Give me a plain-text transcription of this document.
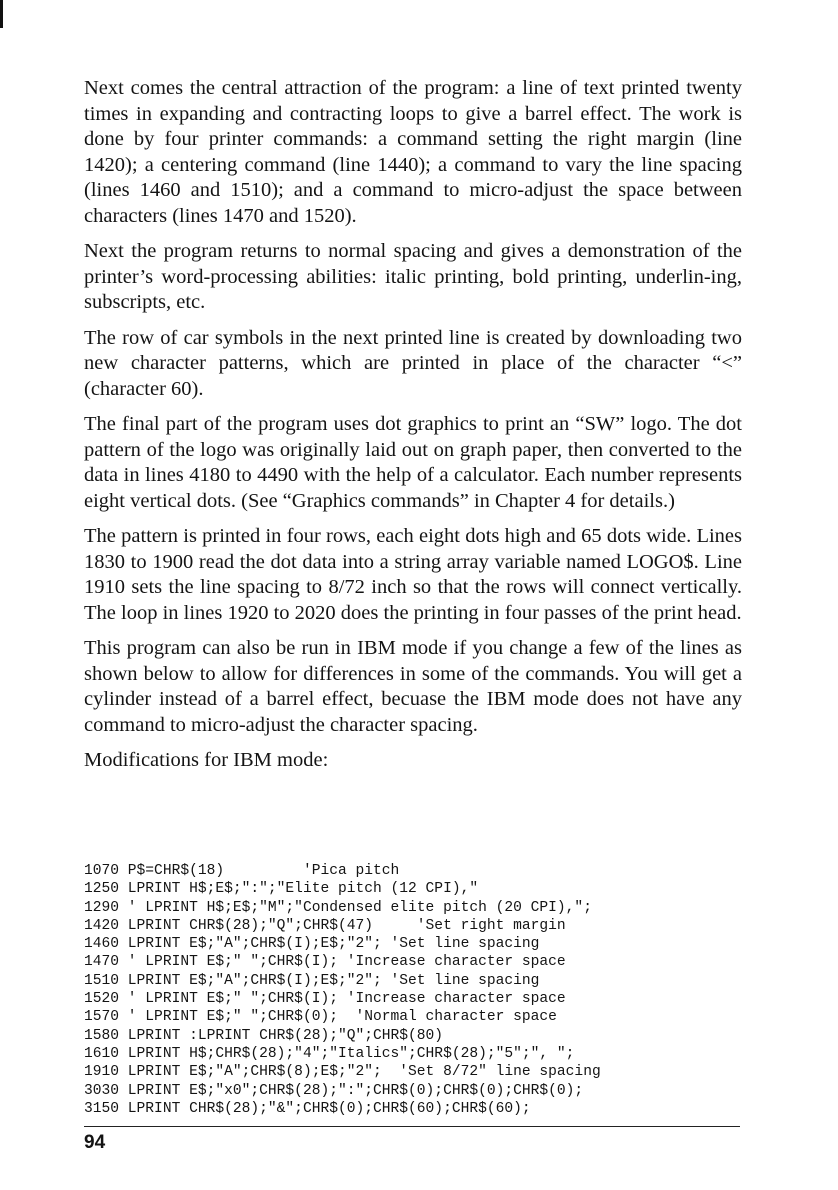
Next comes the central attraction of the program: a line of text printed twenty times in expanding and contracting loops to give a barrel effect. The work is done by four printer commands: a command setting the right margin (line 1420); a centering command (line 1440); a command to vary the line spacing (lines 1460 and 1510); and a command to micro-adjust the space between characters (lines 1470 and 1520).

Next the program returns to normal spacing and gives a demonstration of the printer’s word-processing abilities: italic printing, bold printing, underlin-ing, subscripts, etc.

The row of car symbols in the next printed line is created by downloading two new character patterns, which are printed in place of the character “<” (character 60).

The final part of the program uses dot graphics to print an “SW” logo. The dot pattern of the logo was originally laid out on graph paper, then converted to the data in lines 4180 to 4490 with the help of a calculator. Each number represents eight vertical dots. (See “Graphics commands” in Chapter 4 for details.)

The pattern is printed in four rows, each eight dots high and 65 dots wide. Lines 1830 to 1900 read the dot data into a string array variable named LOGO$. Line 1910 sets the line spacing to 8/72 inch so that the rows will connect vertically. The loop in lines 1920 to 2020 does the printing in four passes of the print head.

This program can also be run in IBM mode if you change a few of the lines as shown below to allow for differences in some of the commands. You will get a cylinder instead of a barrel effect, becuase the IBM mode does not have any command to micro-adjust the character spacing.

Modifications for IBM mode:

1070 P$=CHR$(18)         'Pica pitch
1250 LPRINT H$;E$;":";"Elite pitch (12 CPI),"
1290 ' LPRINT H$;E$;"M";"Condensed elite pitch (20 CPI),";
1420 LPRINT CHR$(28);"Q";CHR$(47)     'Set right margin
1460 LPRINT E$;"A";CHR$(I);E$;"2"; 'Set line spacing
1470 ' LPRINT E$;" ";CHR$(I); 'Increase character space
1510 LPRINT E$;"A";CHR$(I);E$;"2"; 'Set line spacing
1520 ' LPRINT E$;" ";CHR$(I); 'Increase character space
1570 ' LPRINT E$;" ";CHR$(0);  'Normal character space
1580 LPRINT :LPRINT CHR$(28);"Q";CHR$(80)
1610 LPRINT H$;CHR$(28);"4";"Italics";CHR$(28);"5";", ";
1910 LPRINT E$;"A";CHR$(8);E$;"2";  'Set 8/72" line spacing
3030 LPRINT E$;"x0";CHR$(28);":";CHR$(0);CHR$(0);CHR$(0);
3150 LPRINT CHR$(28);"&";CHR$(0);CHR$(60);CHR$(60);
94
